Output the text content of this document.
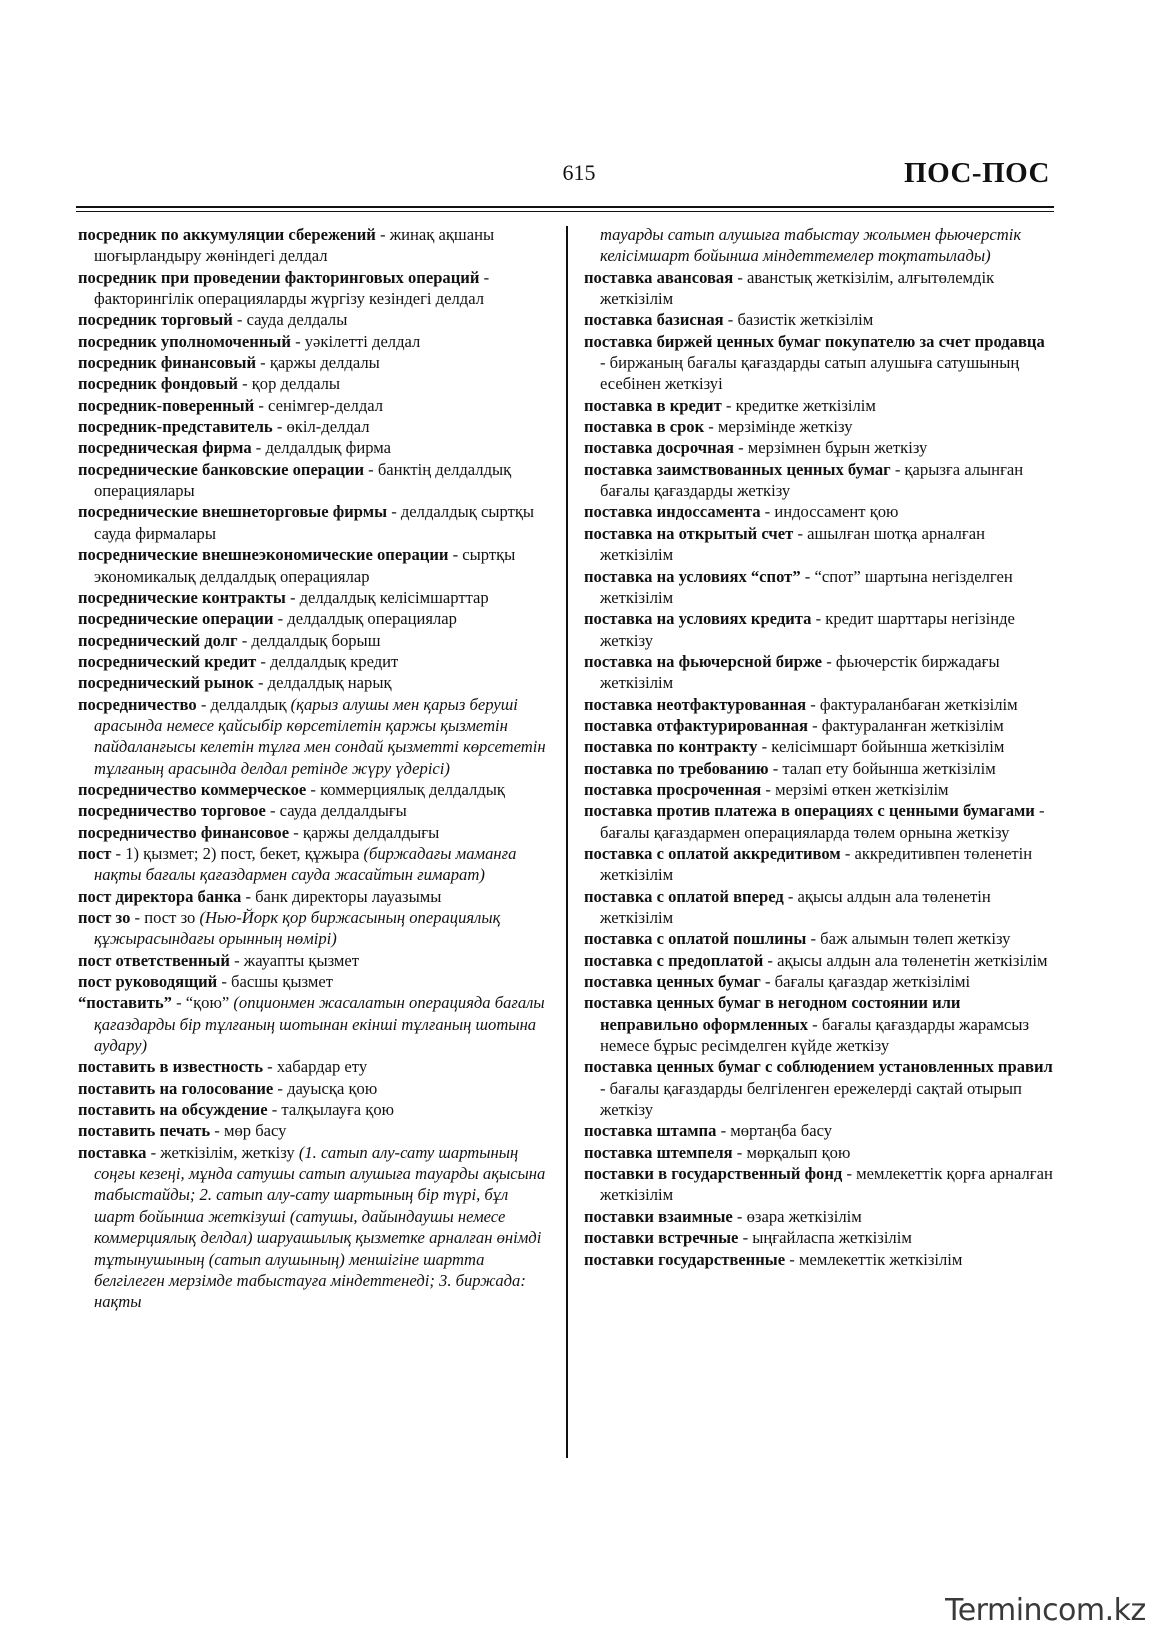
615	ПОС-ПОС

посредник по аккумуляции сбережений - жинақ ақшаны шоғырландыру жөніндегі делдал

посредник при проведении факторинговых операций - факторингілік операцияларды жүргізу кезіндегі делдал

посредник торговый - сауда делдалы

посредник уполномоченный - уәкілетті делдал

посредник финансовый - қаржы делдалы

посредник фондовый - қор делдалы

посредник-поверенный - сенімгер-делдал

посредник-представитель - өкіл-делдал

посредническая фирма - делдалдық фирма

посреднические банковские операции - банктің делдалдық операциялары

посреднические внешнеторговые фирмы - делдалдық сыртқы сауда фирмалары

посреднические внешнеэкономические операции - сыртқы экономикалық делдалдық операциялар

посреднические контракты - делдалдық келісімшарттар

посреднические операции - делдалдық операциялар

посреднический долг - делдалдық борыш

посреднический кредит - делдалдық кредит

посреднический рынок - делдалдық нарық

посредничество - делдалдық (қарыз алушы мен қарыз беруші арасында немесе қайсыбір көрсетілетін қаржы қызметін пайдаланғысы келетін тұлға мен сондай қызметті көрсететін тұлғаның арасында делдал ретінде жүру үдерісі)

посредничество коммерческое - коммерциялық делдалдық

посредничество торговое - сауда делдалдығы

посредничество финансовое - қаржы делдалдығы

пост - 1) қызмет; 2) пост, бекет, құжыра (биржадағы маманға нақты бағалы қағаздармен сауда жасайтын ғимарат)

пост директора банка - банк директоры лауазымы

пост зо - пост зо (Нью-Йорк қор биржасының операциялық құжырасындағы орынның нөмірі)

пост ответственный - жауапты қызмет

пост руководящий - басшы қызмет

“поставить” - “қою” (опционмен жасалатын операцияда бағалы қағаздарды бір тұлғаның шотынан екінші тұлғаның шотына аудару)

поставить в известность - хабардар ету

поставить на голосование - дауысқа қою

поставить на обсуждение - талқылауға қою

поставить печать - мөр басу

поставка - жеткізілім, жеткізу (1. сатып алу-сату шартының соңғы кезеңі, мұнда сатушы сатып алушыға тауарды ақысына табыстайды; 2. сатып алу-сату шартының бір түрі, бұл шарт бойынша жеткізуші (сатушы, дайындаушы немесе коммерциялық делдал) шаруашылық қызметке арналған өнімді тұтынушының (сатып алушының) меншігіне шартта белгілеген мерзімде табыстауға міндеттенеді; 3. биржада: нақты

тауарды сатып алушыға табыстау жолымен фьючерстік келісімшарт бойынша міндеттемелер тоқтатылады)

поставка авансовая - аванстық жеткізілім, алғытөлемдік жеткізілім

поставка базисная - базистік жеткізілім

поставка биржей ценных бумаг покупателю за счет продавца - биржаның бағалы қағаздарды сатып алушыға сатушының есебінен жеткізуі

поставка в кредит - кредитке жеткізілім

поставка в срок - мерзімінде жеткізу

поставка досрочная - мерзімнен бұрын жеткізу

поставка заимствованных ценных бумаг - қарызға алынған бағалы қағаздарды жеткізу

поставка индоссамента - индоссамент қою

поставка на открытый счет - ашылған шотқа арналған жеткізілім

поставка на условиях “спот” - “спот” шартына негізделген жеткізілім

поставка на условиях кредита - кредит шарттары негізінде жеткізу

поставка на фьючерсной бирже - фьючерстік биржадағы жеткізілім

поставка неотфактурованная - фактураланбаған жеткізілім

поставка отфактурированная - фактураланған жеткізілім

поставка по контракту - келісімшарт бойынша жеткізілім

поставка по требованию - талап ету бойынша жеткізілім

поставка просроченная - мерзімі өткен жеткізілім

поставка против платежа в операциях с ценными бумагами - бағалы қағаздармен операцияларда төлем орнына жеткізу

поставка с оплатой аккредитивом - аккредитивпен төленетін жеткізілім

поставка с оплатой вперед - ақысы алдын ала төленетін жеткізілім

поставка с оплатой пошлины - баж алымын төлеп жеткізу

поставка с предоплатой - ақысы алдын ала төленетін жеткізілім

поставка ценных бумаг - бағалы қағаздар жеткізілімі

поставка ценных бумаг в негодном состоянии или неправильно оформленных - бағалы қағаздарды жарамсыз немесе бұрыс ресімделген күйде жеткізу

поставка ценных бумаг с соблюдением установленных правил - бағалы қағаздарды белгіленген ережелерді сақтай отырып жеткізу

поставка штампа - мөртаңба басу

поставка штемпеля - мөрқалып қою

поставки в государственный фонд - мемлекеттік қорға арналған жеткізілім

поставки взаимные - өзара жеткізілім

поставки встречные - ыңғайласпа жеткізілім

поставки государственные - мемлекеттік жеткізілім

Termincom.kz
